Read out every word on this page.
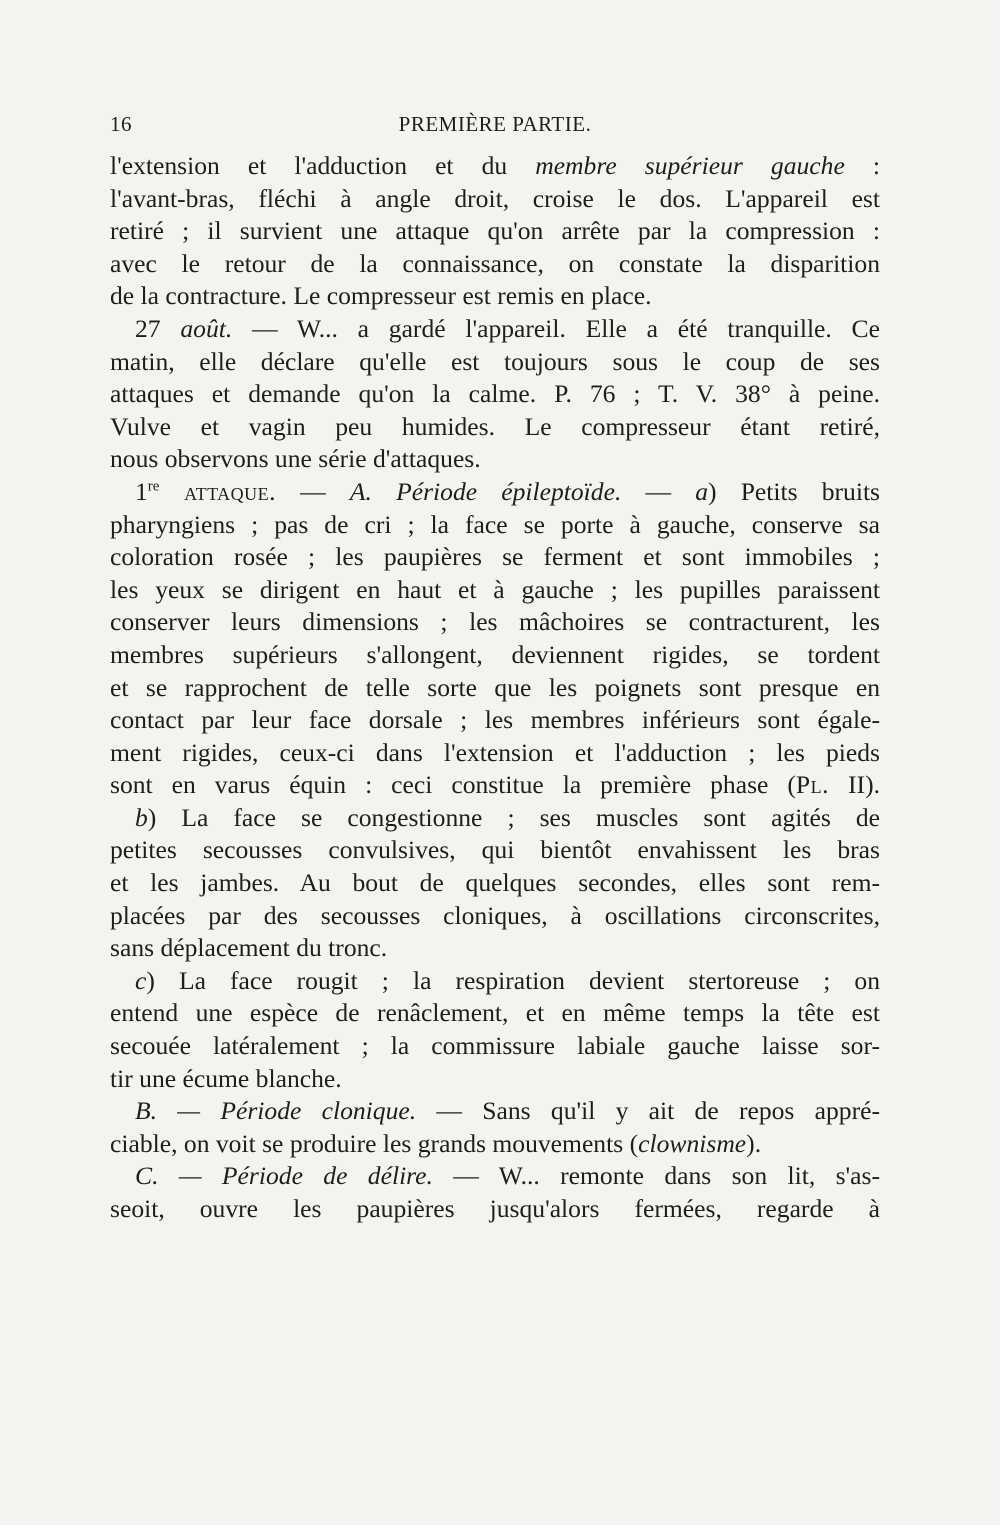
16	PREMIÈRE PARTIE.

l'extension et l'adduction et du membre supérieur gauche :
l'avant-bras, fléchi à angle droit, croise le dos. L'appareil est
retiré ; il survient une attaque qu'on arrête par la compression :
avec le retour de la connaissance, on constate la disparition
de la contracture. Le compresseur est remis en place.

27 août. — W... a gardé l'appareil. Elle a été tranquille. Ce
matin, elle déclare qu'elle est toujours sous le coup de ses
attaques et demande qu'on la calme. P. 76 ; T. V. 38° à peine.
Vulve et vagin peu humides. Le compresseur étant retiré,
nous observons une série d'attaques.

1re attaque. — A. Période épileptoïde. — a) Petits bruits
pharyngiens ; pas de cri ; la face se porte à gauche, conserve sa
coloration rosée ; les paupières se ferment et sont immobiles ;
les yeux se dirigent en haut et à gauche ; les pupilles paraissent
conserver leurs dimensions ; les mâchoires se contracturent, les
membres supérieurs s'allongent, deviennent rigides, se tordent
et se rapprochent de telle sorte que les poignets sont presque en
contact par leur face dorsale ; les membres inférieurs sont égale-
ment rigides, ceux-ci dans l'extension et l'adduction ; les pieds
sont en varus équin : ceci constitue la première phase (Pl. II).

b) La face se congestionne ; ses muscles sont agités de
petites secousses convulsives, qui bientôt envahissent les bras
et les jambes. Au bout de quelques secondes, elles sont rem-
placées par des secousses cloniques, à oscillations circonscrites,
sans déplacement du tronc.

c) La face rougit ; la respiration devient stertoreuse ; on
entend une espèce de renâclement, et en même temps la tête est
secouée latéralement ; la commissure labiale gauche laisse sor-
tir une écume blanche.

B. — Période clonique. — Sans qu'il y ait de repos appré-
ciable, on voit se produire les grands mouvements (clownisme).

C. — Période de délire. — W... remonte dans son lit, s'as-
seoit, ouvre les paupières jusqu'alors fermées, regarde à
